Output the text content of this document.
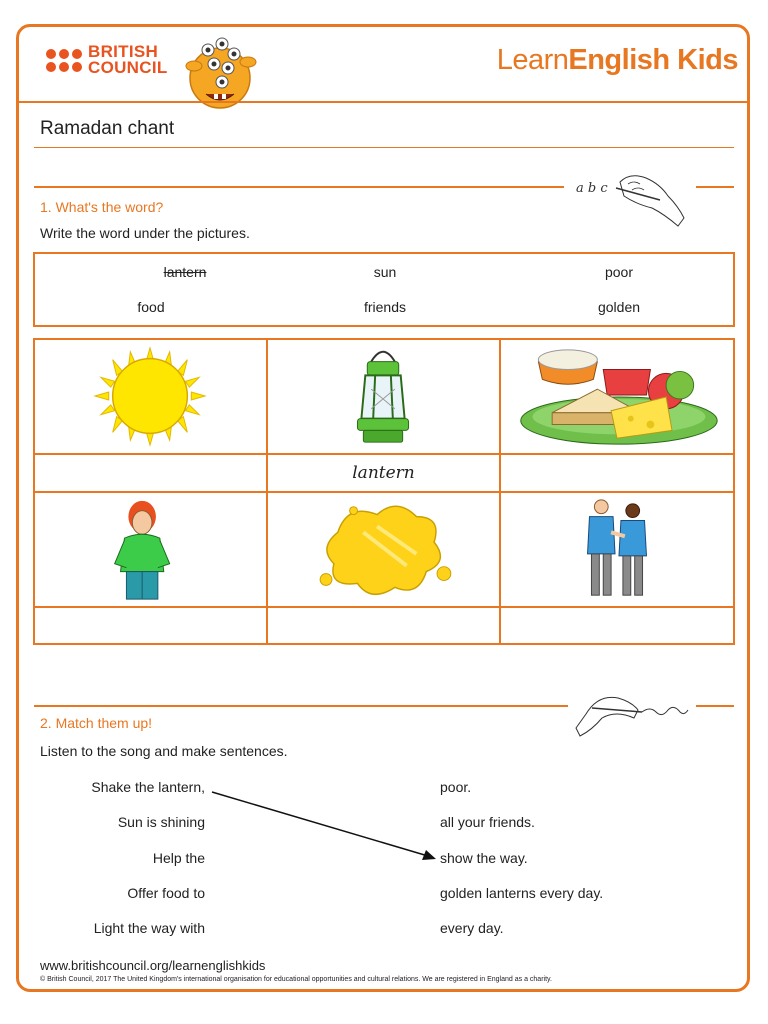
BRITISH
COUNCIL	LearnEnglish Kids
Ramadan chant
a b c
1. What's the word?
Write the word under the pictures.
lantern	sun	poor
food	friends	golden
lantern
2. Match them up!
Listen to the song and make sentences.
Shake the lantern,
Sun is shining
Help the
Offer food to
Light the way with
poor.
all your friends.
show the way.
golden lanterns every day.
every day.
www.britishcouncil.org/learnenglishkids
© British Council, 2017 The United Kingdom's international organisation for educational opportunities and cultural relations. We are registered in England as a charity.
